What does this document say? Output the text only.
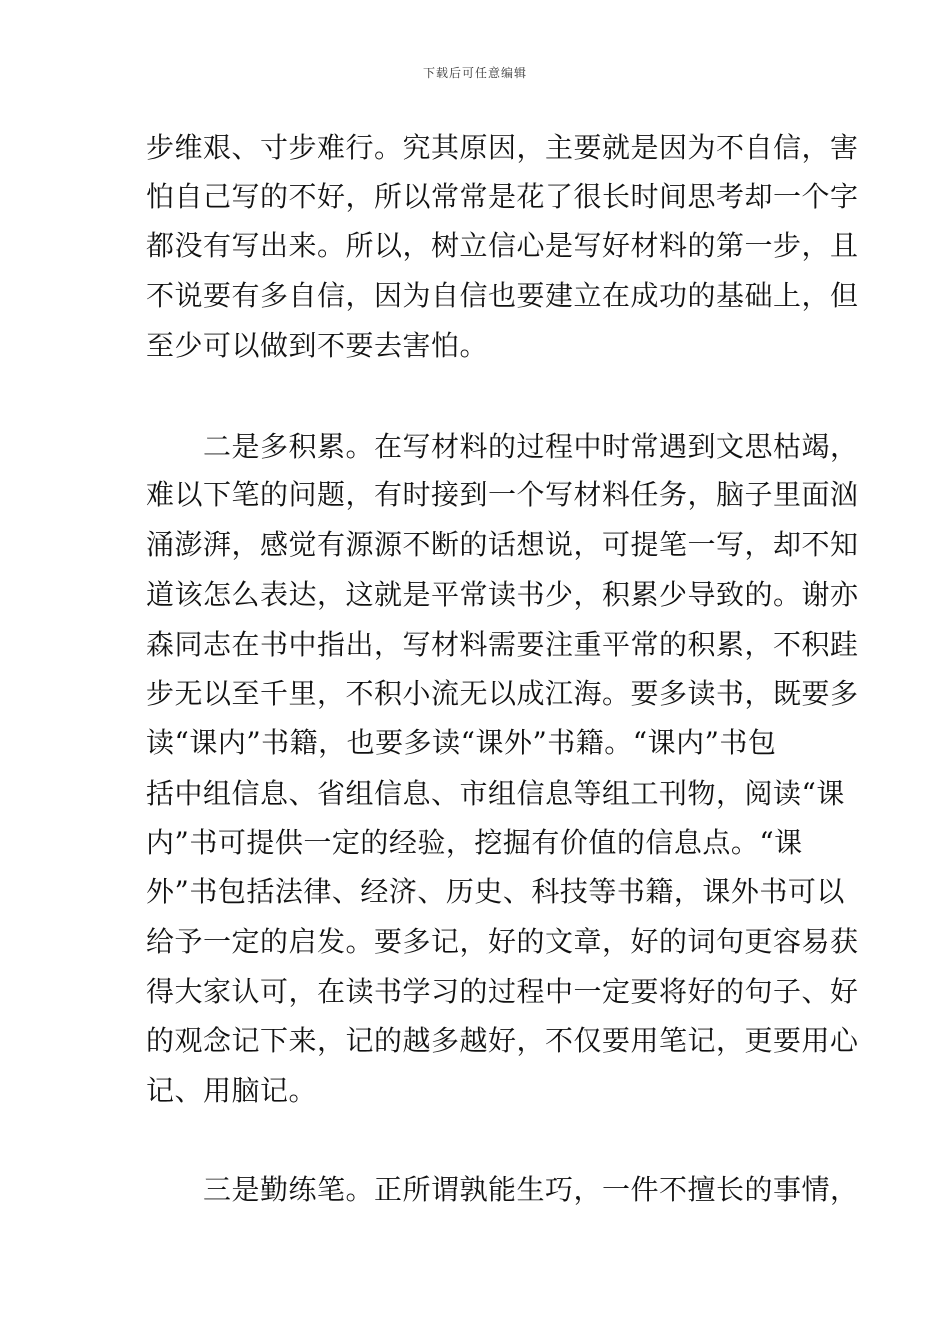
下载后可任意编辑
步维艰、寸步难行。究其原因，主要就是因为不自信，害
怕自己写的不好，所以常常是花了很长时间思考却一个字
都没有写出来。所以，树立信心是写好材料的第一步，且
不说要有多自信，因为自信也要建立在成功的基础上，但
至少可以做到不要去害怕。
　　二是多积累。在写材料的过程中时常遇到文思枯竭，
难以下笔的问题，有时接到一个写材料任务，脑子里面汹
涌澎湃，感觉有源源不断的话想说，可提笔一写，却不知
道该怎么表达，这就是平常读书少，积累少导致的。谢亦
森同志在书中指出，写材料需要注重平常的积累，不积跬
步无以至千里，不积小流无以成江海。要多读书，既要多
读“课内”书籍，也要多读“课外”书籍。“课内”书包
括中组信息、省组信息、市组信息等组工刊物，阅读“课
内”书可提供一定的经验，挖掘有价值的信息点。“课
外”书包括法律、经济、历史、科技等书籍，课外书可以
给予一定的启发。要多记，好的文章，好的词句更容易获
得大家认可，在读书学习的过程中一定要将好的句子、好
的观念记下来，记的越多越好，不仅要用笔记，更要用心
记、用脑记。
　　三是勤练笔。正所谓孰能生巧，一件不擅长的事情，
